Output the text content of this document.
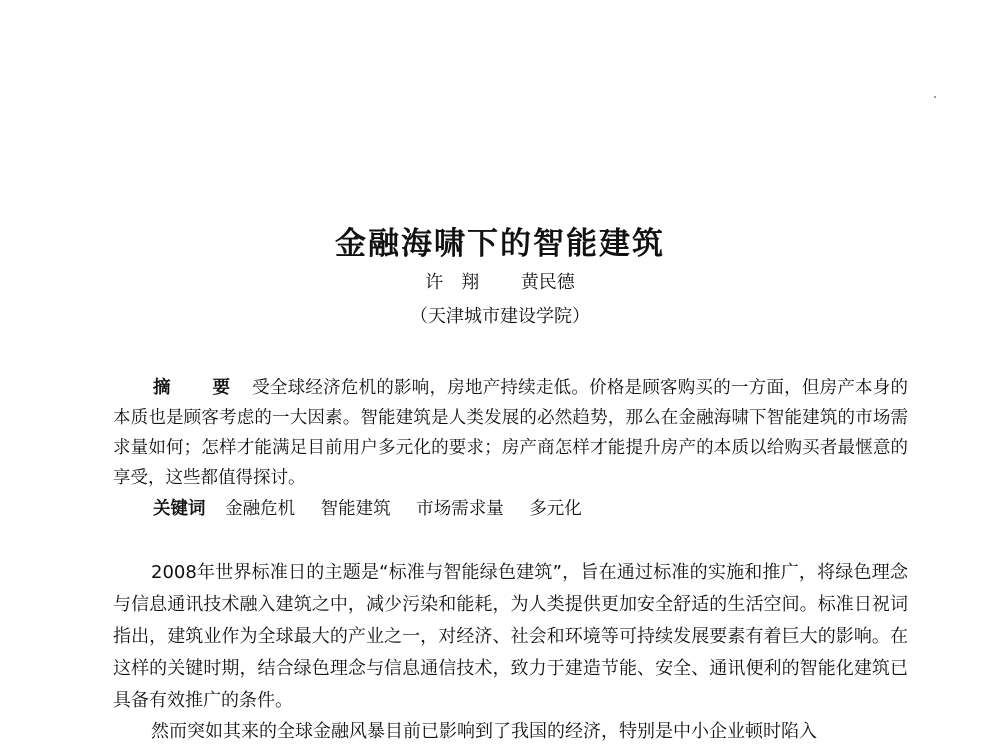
金融海啸下的智能建筑
许　翔 黄民德
（天津城市建设学院）

摘　要 受全球经济危机的影响，房地产持续走低。价格是顾客购买的一方面，但房产本身的本质也是顾客考虑的一大因素。智能建筑是人类发展的必然趋势，那么在金融海啸下智能建筑的市场需求量如何；怎样才能满足目前用户多元化的要求；房产商怎样才能提升房产的本质以给购买者最惬意的享受，这些都值得探讨。

关键词 金融危机 智能建筑 市场需求量 多元化

2008年世界标准日的主题是“标准与智能绿色建筑”，旨在通过标准的实施和推广，将绿色理念与信息通讯技术融入建筑之中，减少污染和能耗，为人类提供更加安全舒适的生活空间。标准日祝词指出，建筑业作为全球最大的产业之一，对经济、社会和环境等可持续发展要素有着巨大的影响。在这样的关键时期，结合绿色理念与信息通信技术，致力于建造节能、安全、通讯便利的智能化建筑已具备有效推广的条件。

然而突如其来的全球金融风暴目前已影响到了我国的经济，特别是中小企业顿时陷入
